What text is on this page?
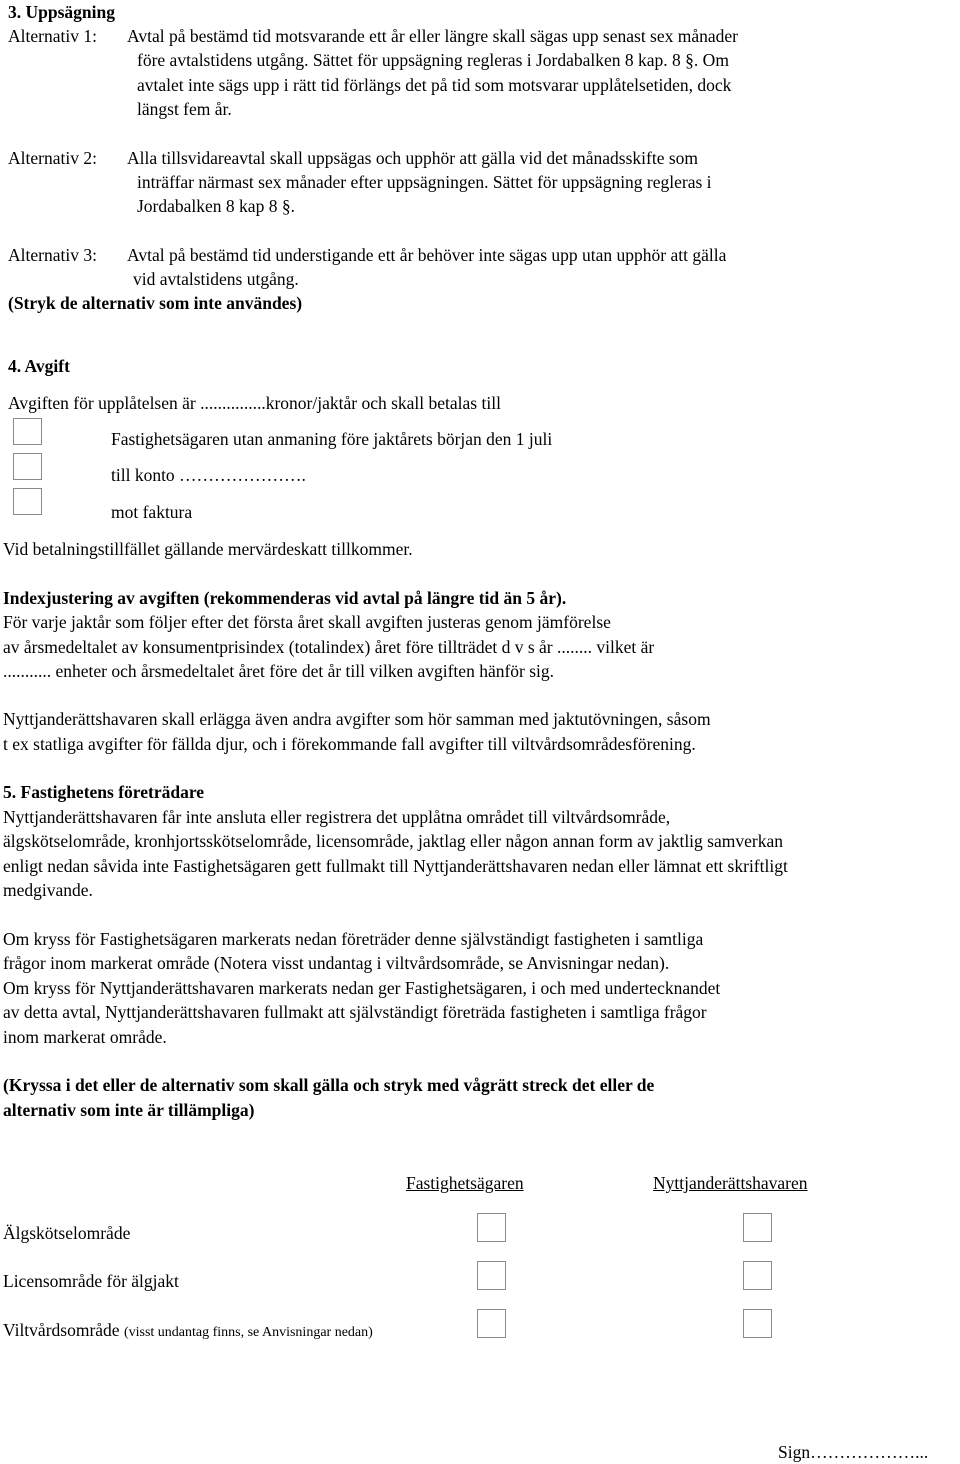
3. Uppsägning
Alternativ 1: Avtal på bestämd tid motsvarande ett år eller längre skall sägas upp senast sex månader
före avtalstidens utgång. Sättet för uppsägning regleras i Jordabalken 8 kap. 8 §. Om
avtalet inte sägs upp i rätt tid förlängs det på tid som motsvarar upplåtelsetiden, dock
längst fem år.
Alternativ 2: Alla tillsvidareavtal skall uppsägas och upphör att gälla vid det månadsskifte som
inträffar närmast sex månader efter uppsägningen. Sättet för uppsägning regleras i
Jordabalken 8 kap 8 §.
Alternativ 3: Avtal på bestämd tid understigande ett år behöver inte sägas upp utan upphör att gälla
vid avtalstidens utgång.
(Stryk de alternativ som inte användes)
4. Avgift
Avgiften för upplåtelsen är ...............kronor/jaktår och skall betalas till
Fastighetsägaren utan anmaning före jaktårets början den 1 juli
till konto ………………….
mot faktura
Vid betalningstillfället gällande mervärdeskatt tillkommer.
Indexjustering av avgiften (rekommenderas vid avtal på längre tid än 5 år).
För varje jaktår som följer efter det första året skall avgiften justeras genom jämförelse
av årsmedeltalet av konsumentprisindex (totalindex) året före tillträdet d v s år ........ vilket är
........... enheter och årsmedeltalet året före det år till vilken avgiften hänför sig.
Nyttjanderättshavaren skall erlägga även andra avgifter som hör samman med jaktutövningen, såsom
t ex statliga avgifter för fällda djur, och i förekommande fall avgifter till viltvårdsområdesförening.
5. Fastighetens företrädare
Nyttjanderättshavaren får inte ansluta eller registrera det upplåtna området till viltvårdsområde,
älgskötselområde, kronhjortsskötselområde, licensområde, jaktlag eller någon annan form av jaktlig samverkan
enligt nedan såvida inte Fastighetsägaren gett fullmakt till Nyttjanderättshavaren nedan eller lämnat ett skriftligt
medgivande.
Om kryss för Fastighetsägaren markerats nedan företräder denne självständigt fastigheten i samtliga
frågor inom markerat område (Notera visst undantag i viltvårdsområde, se Anvisningar nedan).
Om kryss för Nyttjanderättshavaren markerats nedan ger Fastighetsägaren, i och med undertecknandet
av detta avtal, Nyttjanderättshavaren fullmakt att självständigt företräda fastigheten i samtliga frågor
inom markerat område.
(Kryssa i det eller de alternativ som skall gälla och stryk med vågrätt streck det eller de
alternativ som inte är tillämpliga)
Fastighetsägaren	Nyttjanderättshavaren
Älgskötselområde
Licensområde för älgjakt
Viltvårdsområde (visst undantag finns, se Anvisningar nedan)
Sign………………...
